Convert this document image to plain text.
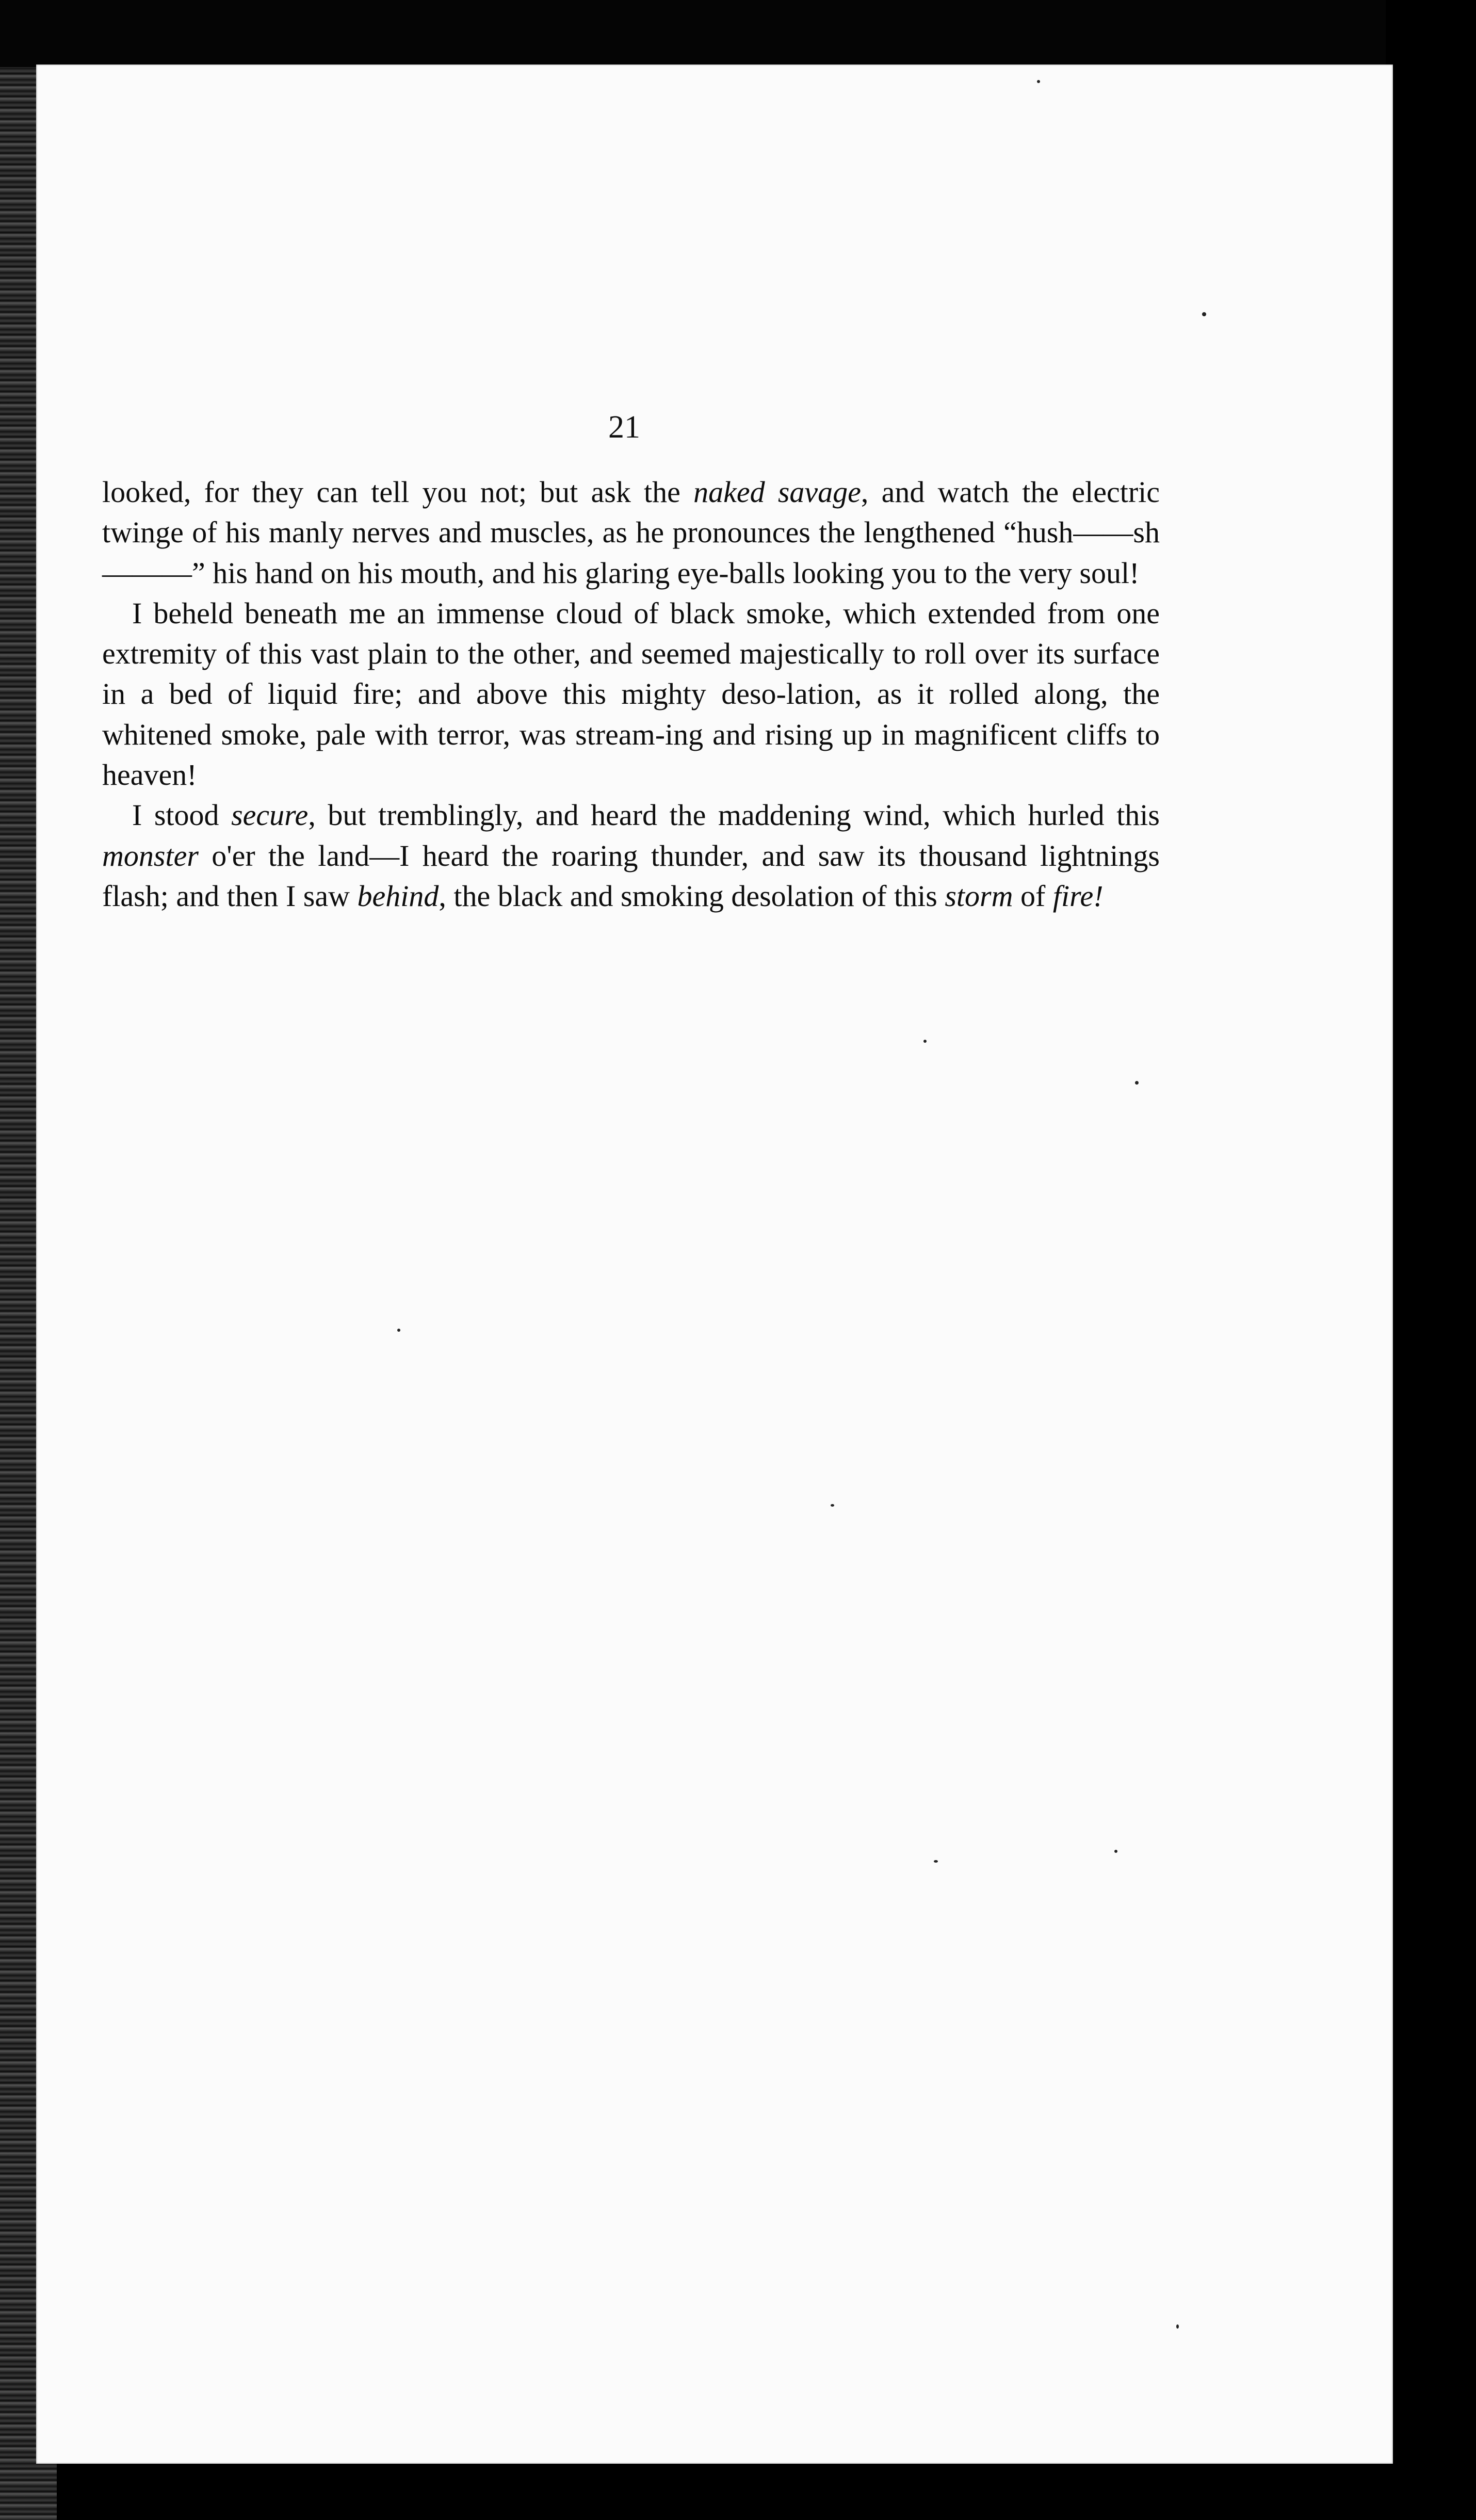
21

looked, for they can tell you not; but ask the naked savage, and watch the electric twinge of his manly nerves and muscles, as he pronounces the lengthened “hush——sh———” his hand on his mouth, and his glaring eye-balls looking you to the very soul!

I beheld beneath me an immense cloud of black smoke, which extended from one extremity of this vast plain to the other, and seemed majestically to roll over its surface in a bed of liquid fire; and above this mighty deso-lation, as it rolled along, the whitened smoke, pale with terror, was stream-ing and rising up in magnificent cliffs to heaven!

I stood secure, but tremblingly, and heard the maddening wind, which hurled this monster o'er the land—I heard the roaring thunder, and saw its thousand lightnings flash; and then I saw behind, the black and smoking desolation of this storm of fire!
